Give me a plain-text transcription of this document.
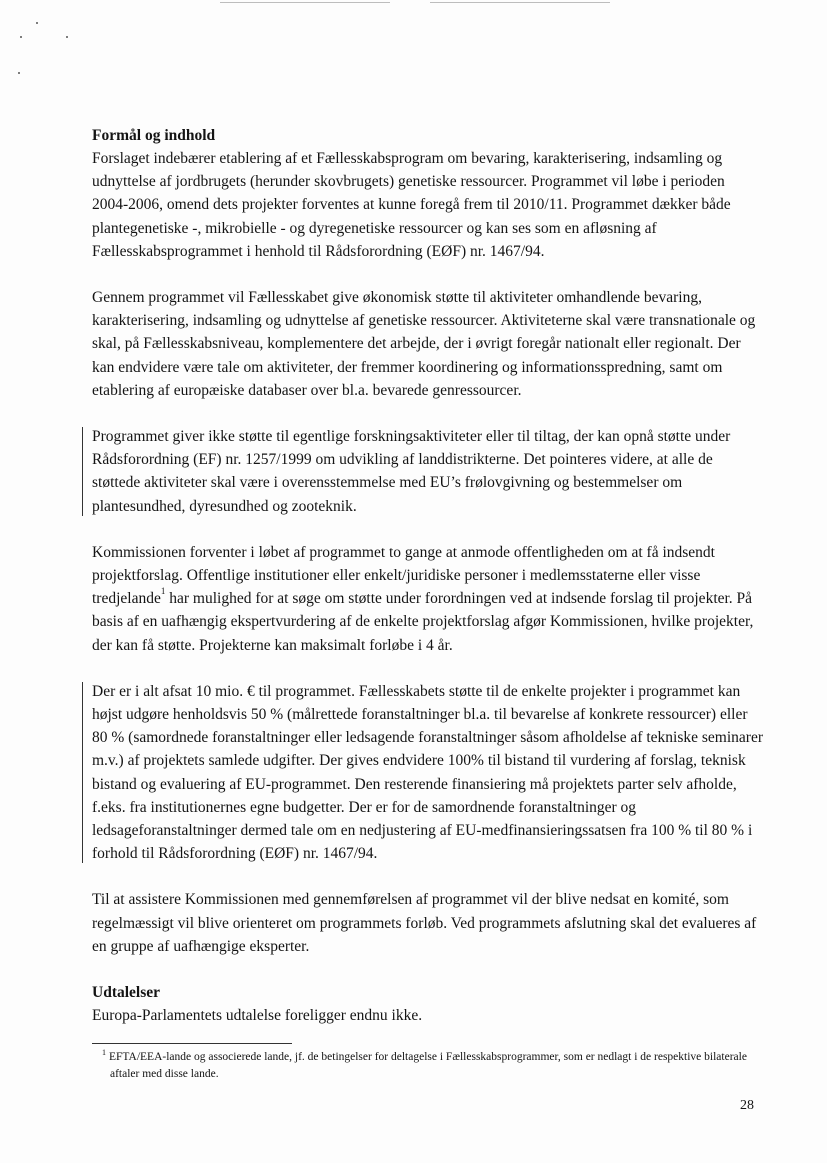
Formål og indhold

Forslaget indebærer etablering af et Fællesskabsprogram om bevaring, karakterisering, indsamling og udnyttelse af jordbrugets (herunder skovbrugets) genetiske ressourcer. Programmet vil løbe i perioden 2004-2006, omend dets projekter forventes at kunne foregå frem til 2010/11. Programmet dækker både plantegenetiske -, mikrobielle - og dyregenetiske ressourcer og kan ses som en afløsning af Fællesskabsprogrammet i henhold til Rådsforordning (EØF) nr. 1467/94.

Gennem programmet vil Fællesskabet give økonomisk støtte til aktiviteter omhandlende bevaring, karakterisering, indsamling og udnyttelse af genetiske ressourcer. Aktiviteterne skal være transnationale og skal, på Fællesskabsniveau, komplementere det arbejde, der i øvrigt foregår nationalt eller regionalt. Der kan endvidere være tale om aktiviteter, der fremmer koordinering og informationsspredning, samt om etablering af europæiske databaser over bl.a. bevarede genressourcer.

Programmet giver ikke støtte til egentlige forskningsaktiviteter eller til tiltag, der kan opnå støtte under Rådsforordning (EF) nr. 1257/1999 om udvikling af landdistrikterne. Det pointeres videre, at alle de støttede aktiviteter skal være i overensstemmelse med EU’s frølovgivning og bestemmelser om plantesundhed, dyresundhed og zooteknik.

Kommissionen forventer i løbet af programmet to gange at anmode offentligheden om at få indsendt projektforslag. Offentlige institutioner eller enkelt/juridiske personer i medlemsstaterne eller visse tredjelande$^1$ har mulighed for at søge om støtte under forordningen ved at indsende forslag til projekter. På basis af en uafhængig ekspertvurdering af de enkelte projektforslag afgør Kommissionen, hvilke projekter, der kan få støtte. Projekterne kan maksimalt forløbe i 4 år.

Der er i alt afsat 10 mio. € til programmet. Fællesskabets støtte til de enkelte projekter i programmet kan højst udgøre henholdsvis 50 % (målrettede foranstaltninger bl.a. til bevarelse af konkrete ressourcer) eller 80 % (samordnede foranstaltninger eller ledsagende foranstaltninger såsom afholdelse af tekniske seminarer m.v.) af projektets samlede udgifter. Der gives endvidere 100% til bistand til vurdering af forslag, teknisk bistand og evaluering af EU-programmet. Den resterende finansiering må projektets parter selv afholde, f.eks. fra institutionernes egne budgetter. Der er for de samordnende foranstaltninger og ledsageforanstaltninger dermed tale om en nedjustering af EU-medfinansieringssatsen fra 100 % til 80 % i forhold til Rådsforordning (EØF) nr. 1467/94.

Til at assistere Kommissionen med gennemførelsen af programmet vil der blive nedsat en komité, som regelmæssigt vil blive orienteret om programmets forløb. Ved programmets afslutning skal det evalueres af en gruppe af uafhængige eksperter.

Udtalelser

Europa-Parlamentets udtalelse foreligger endnu ikke.

$^1$ EFTA/EEA-lande og associerede lande, jf. de betingelser for deltagelse i Fællesskabsprogrammer, som er nedlagt i de respektive bilaterale aftaler med disse lande.
28
